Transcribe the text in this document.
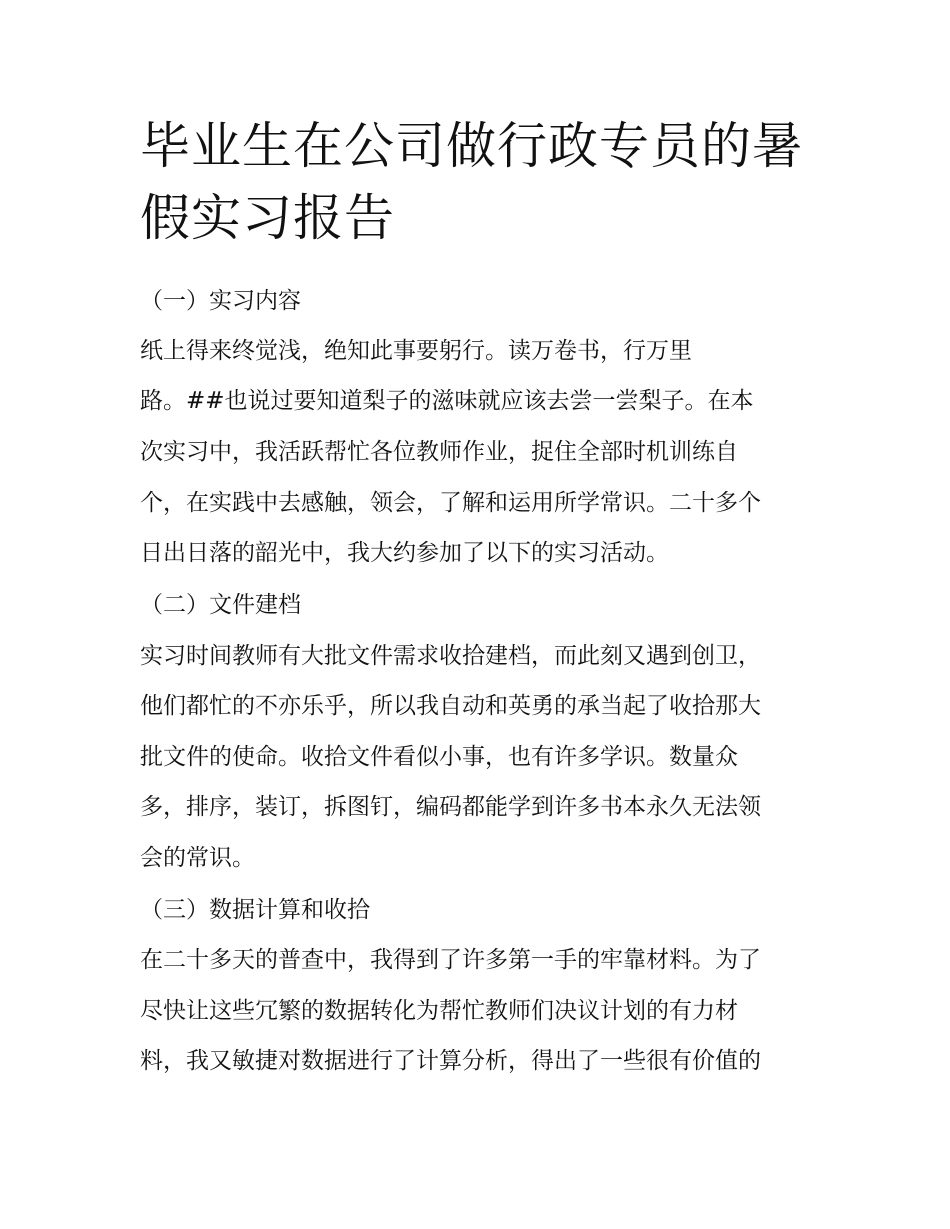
毕业生在公司做行政专员的暑假实习报告

（一）实习内容

纸上得来终觉浅，绝知此事要躬行。读万卷书，行万里

路。##也说过要知道梨子的滋味就应该去尝一尝梨子。在本

次实习中，我活跃帮忙各位教师作业，捉住全部时机训练自

个，在实践中去感触，领会，了解和运用所学常识。二十多个

日出日落的韶光中，我大约参加了以下的实习活动。

（二）文件建档

实习时间教师有大批文件需求收拾建档，而此刻又遇到创卫，

他们都忙的不亦乐乎，所以我自动和英勇的承当起了收拾那大

批文件的使命。收拾文件看似小事，也有许多学识。数量众

多，排序，装订，拆图钉，编码都能学到许多书本永久无法领

会的常识。

（三）数据计算和收拾

在二十多天的普查中，我得到了许多第一手的牢靠材料。为了

尽快让这些冗繁的数据转化为帮忙教师们决议计划的有力材

料，我又敏捷对数据进行了计算分析，得出了一些很有价值的
